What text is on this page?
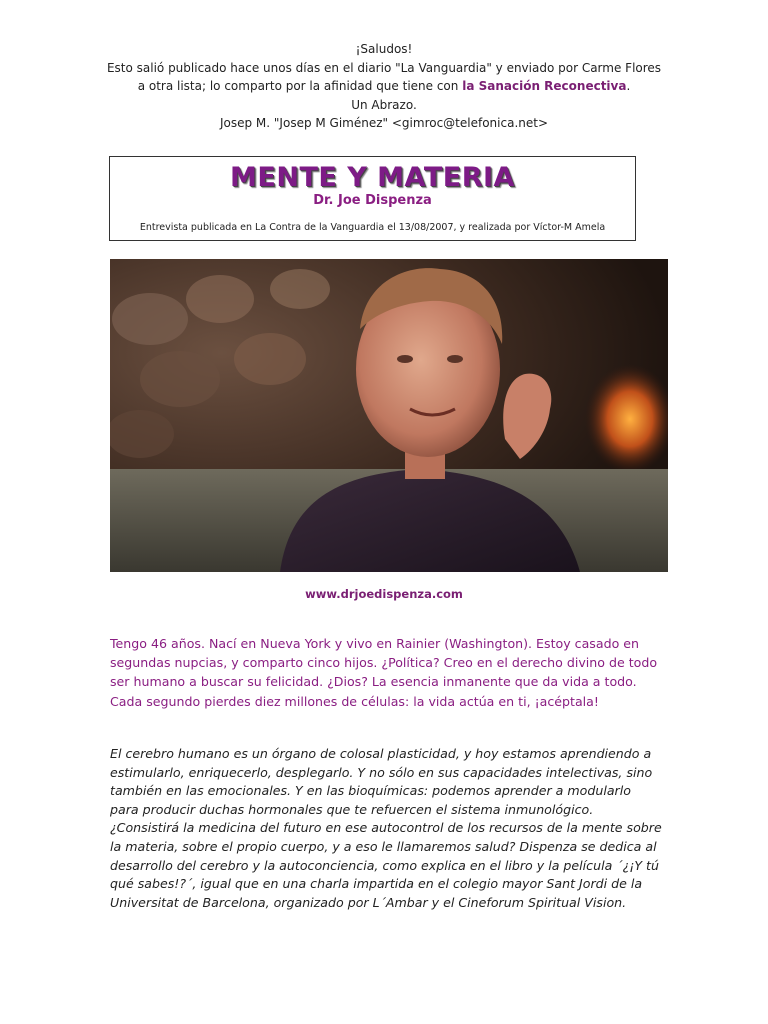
¡Saludos!
Esto salió publicado hace unos días en el diario "La Vanguardia" y enviado por Carme Flores
a otra lista; lo comparto por la afinidad que tiene con la Sanación Reconectiva.
Un Abrazo.
Josep M. "Josep M Giménez" <gimroc@telefonica.net>
MENTE Y MATERIA
Dr. Joe Dispenza
Entrevista publicada en La Contra de la Vanguardia el 13/08/2007, y realizada por Víctor-M Amela
www.drjoedispenza.com
Tengo 46 años. Nací en Nueva York y vivo en Rainier (Washington). Estoy casado en segundas nupcias, y comparto cinco hijos. ¿Política? Creo en el derecho divino de todo ser humano a buscar su felicidad. ¿Dios? La esencia inmanente que da vida a todo. Cada segundo pierdes diez millones de células: la vida actúa en ti, ¡acéptala!
El cerebro humano es un órgano de colosal plasticidad, y hoy estamos aprendiendo a estimularlo, enriquecerlo, desplegarlo. Y no sólo en sus capacidades intelectivas, sino también en las emocionales. Y en las bioquímicas: podemos aprender a modularlo para producir duchas hormonales que te refuercen el sistema inmunológico. ¿Consistirá la medicina del futuro en ese autocontrol de los recursos de la mente sobre la materia, sobre el propio cuerpo, y a eso le llamaremos salud? Dispenza se dedica al desarrollo del cerebro y la autoconciencia, como explica en el libro y la película ´¿¡Y tú qué sabes!?´, igual que en una charla impartida en el colegio mayor Sant Jordi de la Universitat de Barcelona, organizado por L´Ambar y el Cineforum Spiritual Vision.
